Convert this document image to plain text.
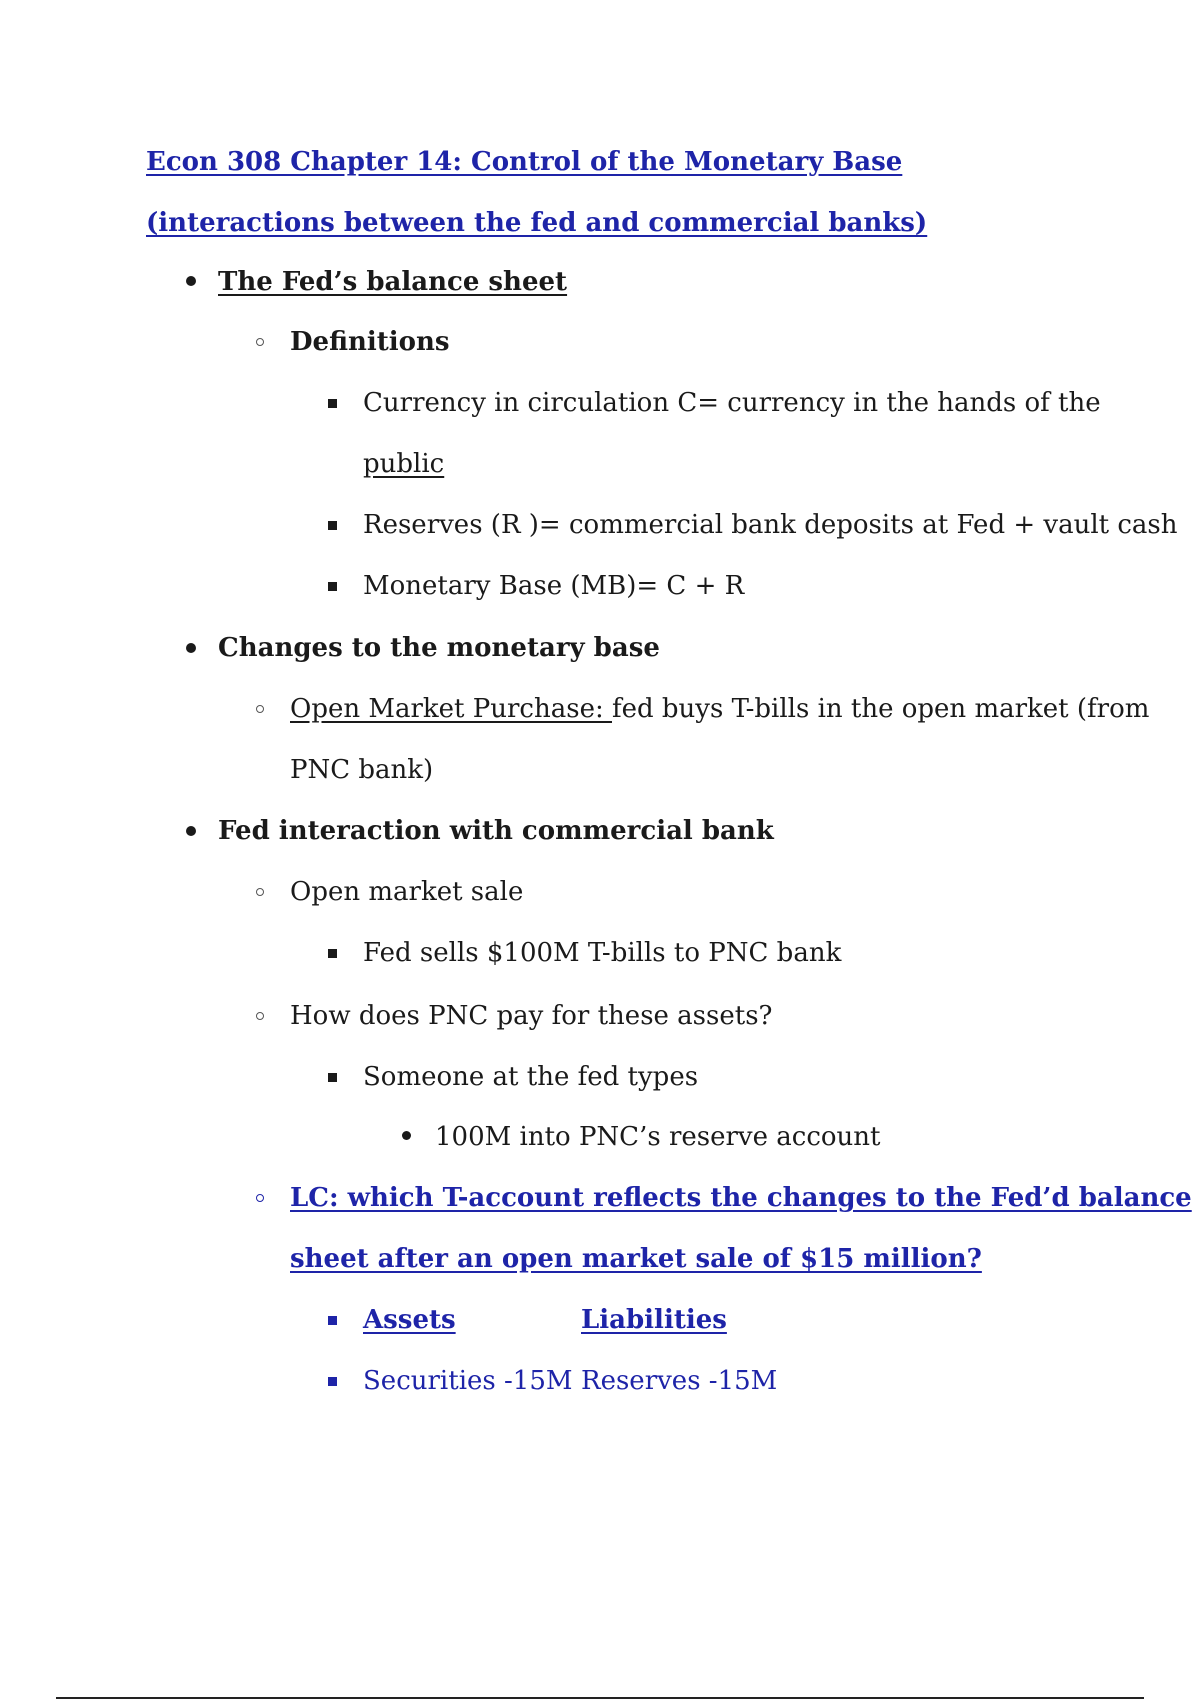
Econ 308 Chapter 14: Control of the Monetary Base (interactions between the fed and commercial banks)

The Fed’s balance sheet
Definitions
Currency in circulation C= currency in the hands of the
public
Reserves (R )= commercial bank deposits at Fed + vault cash
Monetary Base (MB)= C + R
Changes to the monetary base
Open Market Purchase: fed buys T-bills in the open market (from
PNC bank)
Fed interaction with commercial bank
Open market sale
Fed sells $100M T-bills to PNC bank
How does PNC pay for these assets?
Someone at the fed types
100M into PNC’s reserve account
LC: which T-account reflects the changes to the Fed’d balance
sheet after an open market sale of $15 million?
Assets	Liabilities
Securities -15M Reserves -15M
